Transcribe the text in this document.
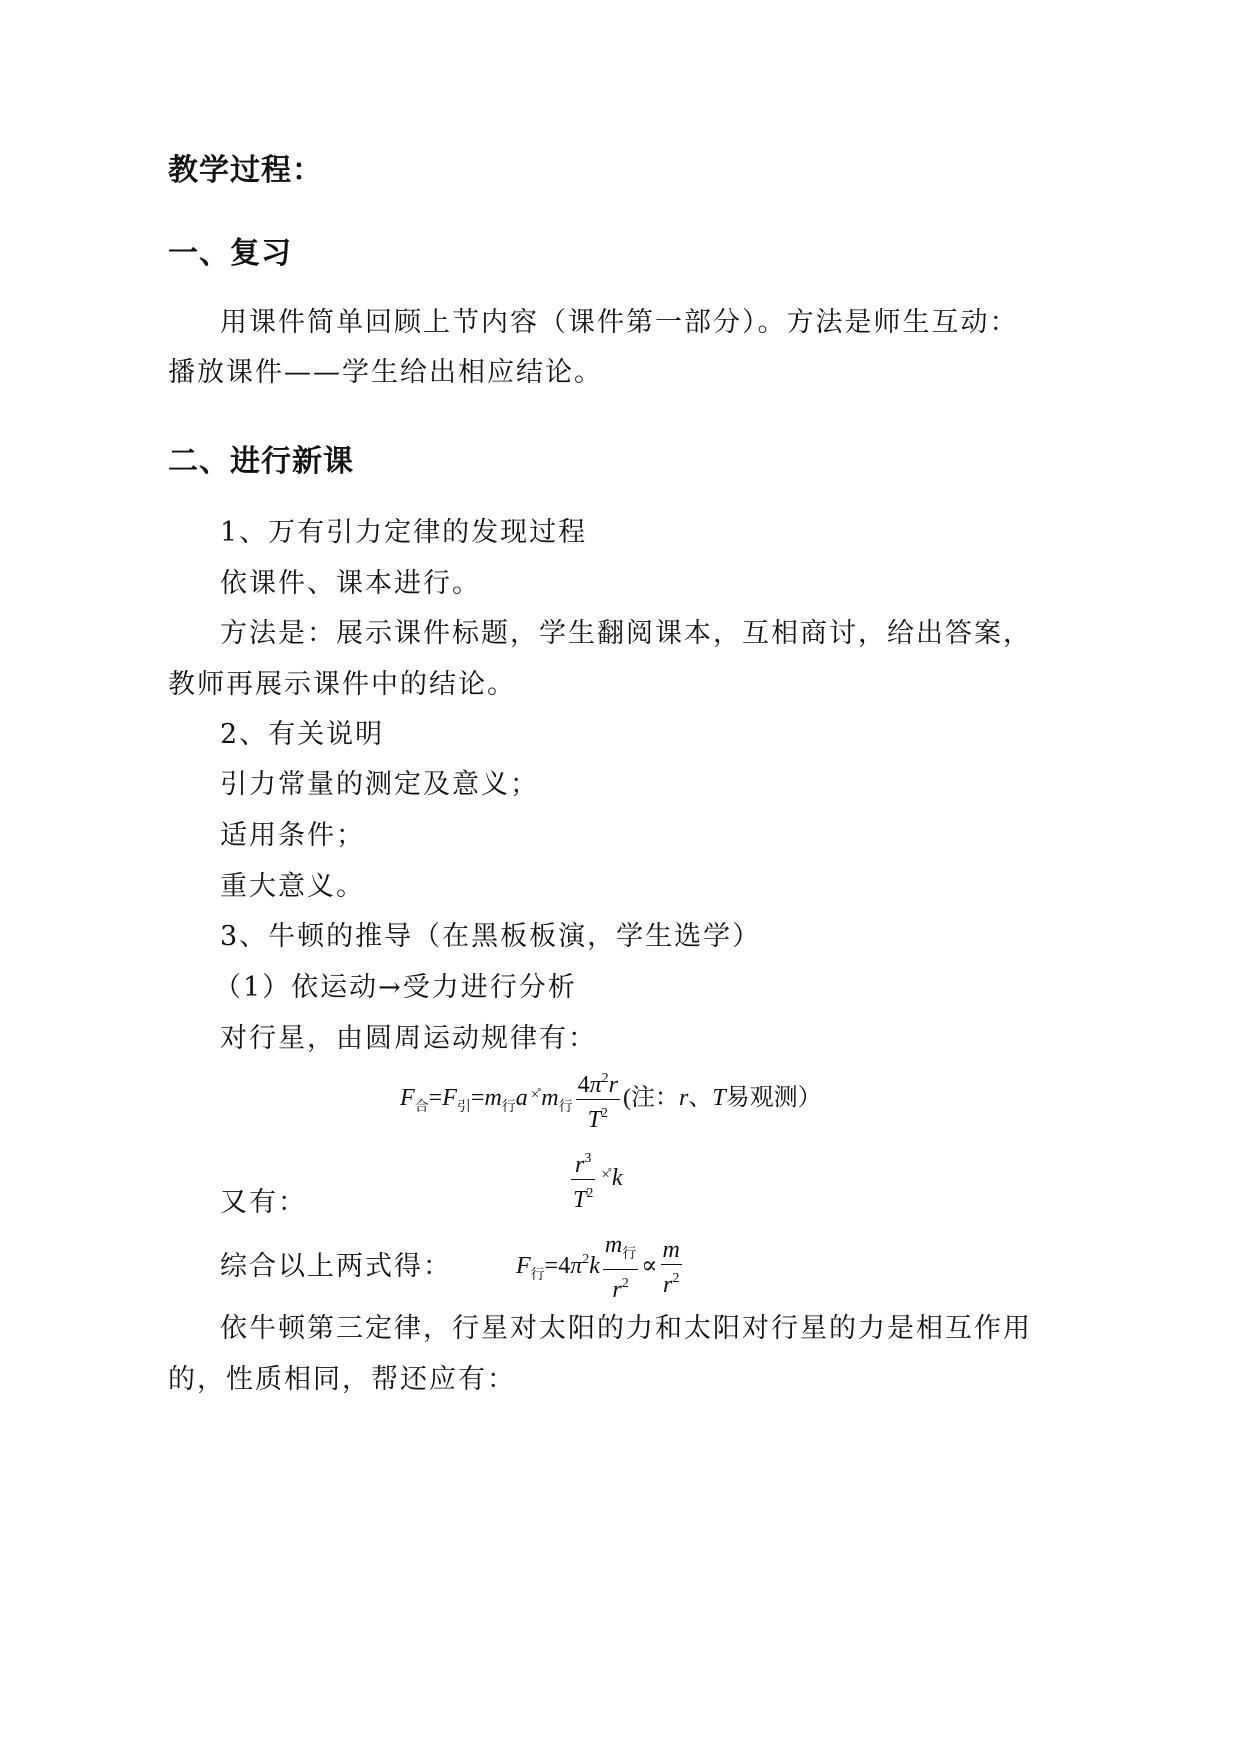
教学过程：
一、复习
用课件简单回顾上节内容（课件第一部分）。方法是师生互动：
播放课件——学生给出相应结论。
二、进行新课
1、万有引力定律的发现过程
依课件、课本进行。
方法是：展示课件标题，学生翻阅课本，互相商讨，给出答案，
教师再展示课件中的结论。
2、有关说明
引力常量的测定及意义；
适用条件；
重大意义。
3、牛顿的推导（在黑板板演，学生选学）
（1）依运动→受力进行分析
对行星，由圆周运动规律有：
$F_合=F_引=m_行a$ ×̊ $m_行 \frac{4\pi^2r}{T^2}$ (注：r、T易观测）
$\frac{r^3}{T^2} ^{\times̊}$ k
又有：
综合以上两式得：	$F_行=4\pi^2k \frac{m_行}{r^2} \propto \frac{m}{r^2}$
依牛顿第三定律，行星对太阳的力和太阳对行星的力是相互作用
的，性质相同，帮还应有：
